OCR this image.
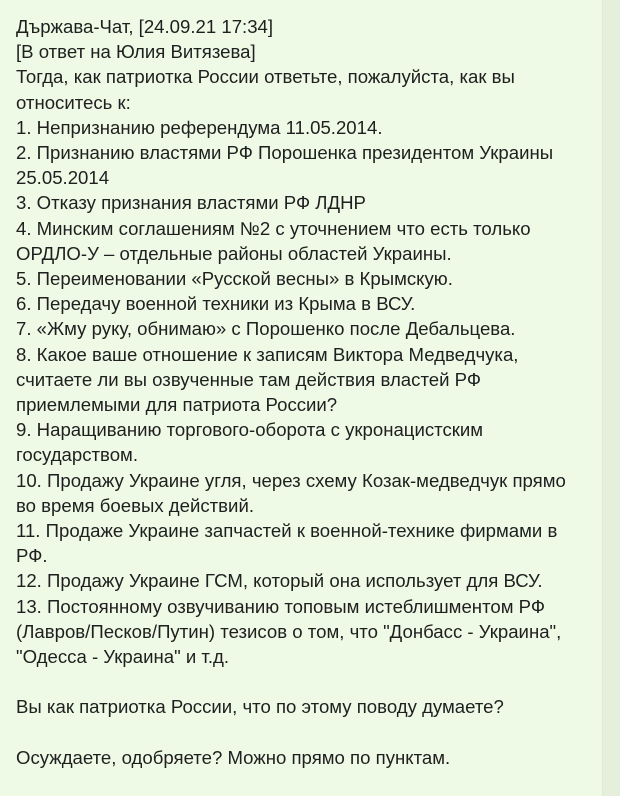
Държава-Чат, [24.09.21 17:34]
[В ответ на Юлия Витязева]
Тогда, как патриотка России ответьте, пожалуйста, как вы
относитесь к:
1. Непризнанию референдума 11.05.2014.
2. Признанию властями РФ Порошенка президентом Украины
25.05.2014
3. Отказу признания властями РФ ЛДНР
4. Минским соглашениям №2 с уточнением что есть только
ОРДЛО-У – отдельные районы областей Украины.
5. Переименовании «Русской весны» в Крымскую.
6. Передачу военной техники из Крыма в ВСУ.
7. «Жму руку, обнимаю» с Порошенко после Дебальцева.
8. Какое ваше отношение к записям Виктора Медведчука,
считаете ли вы озвученные там действия властей РФ
приемлемыми для патриота России?
9. Наращиванию торгового-оборота с укронацистским
государством.
10. Продажу Украине угля, через схему Козак-медведчук прямо
во время боевых действий.
11. Продаже Украине запчастей к военной-технике фирмами в
РФ.
12. Продажу Украине ГСМ, который она использует для ВСУ.
13. Постоянному озвучиванию топовым истеблишментом РФ
(Лавров/Песков/Путин) тезисов о том, что "Донбасс - Украина",
"Одесса - Украина" и т.д.
Вы как патриотка России, что по этому поводу думаете?
Осуждаете, одобряете? Можно прямо по пунктам.
